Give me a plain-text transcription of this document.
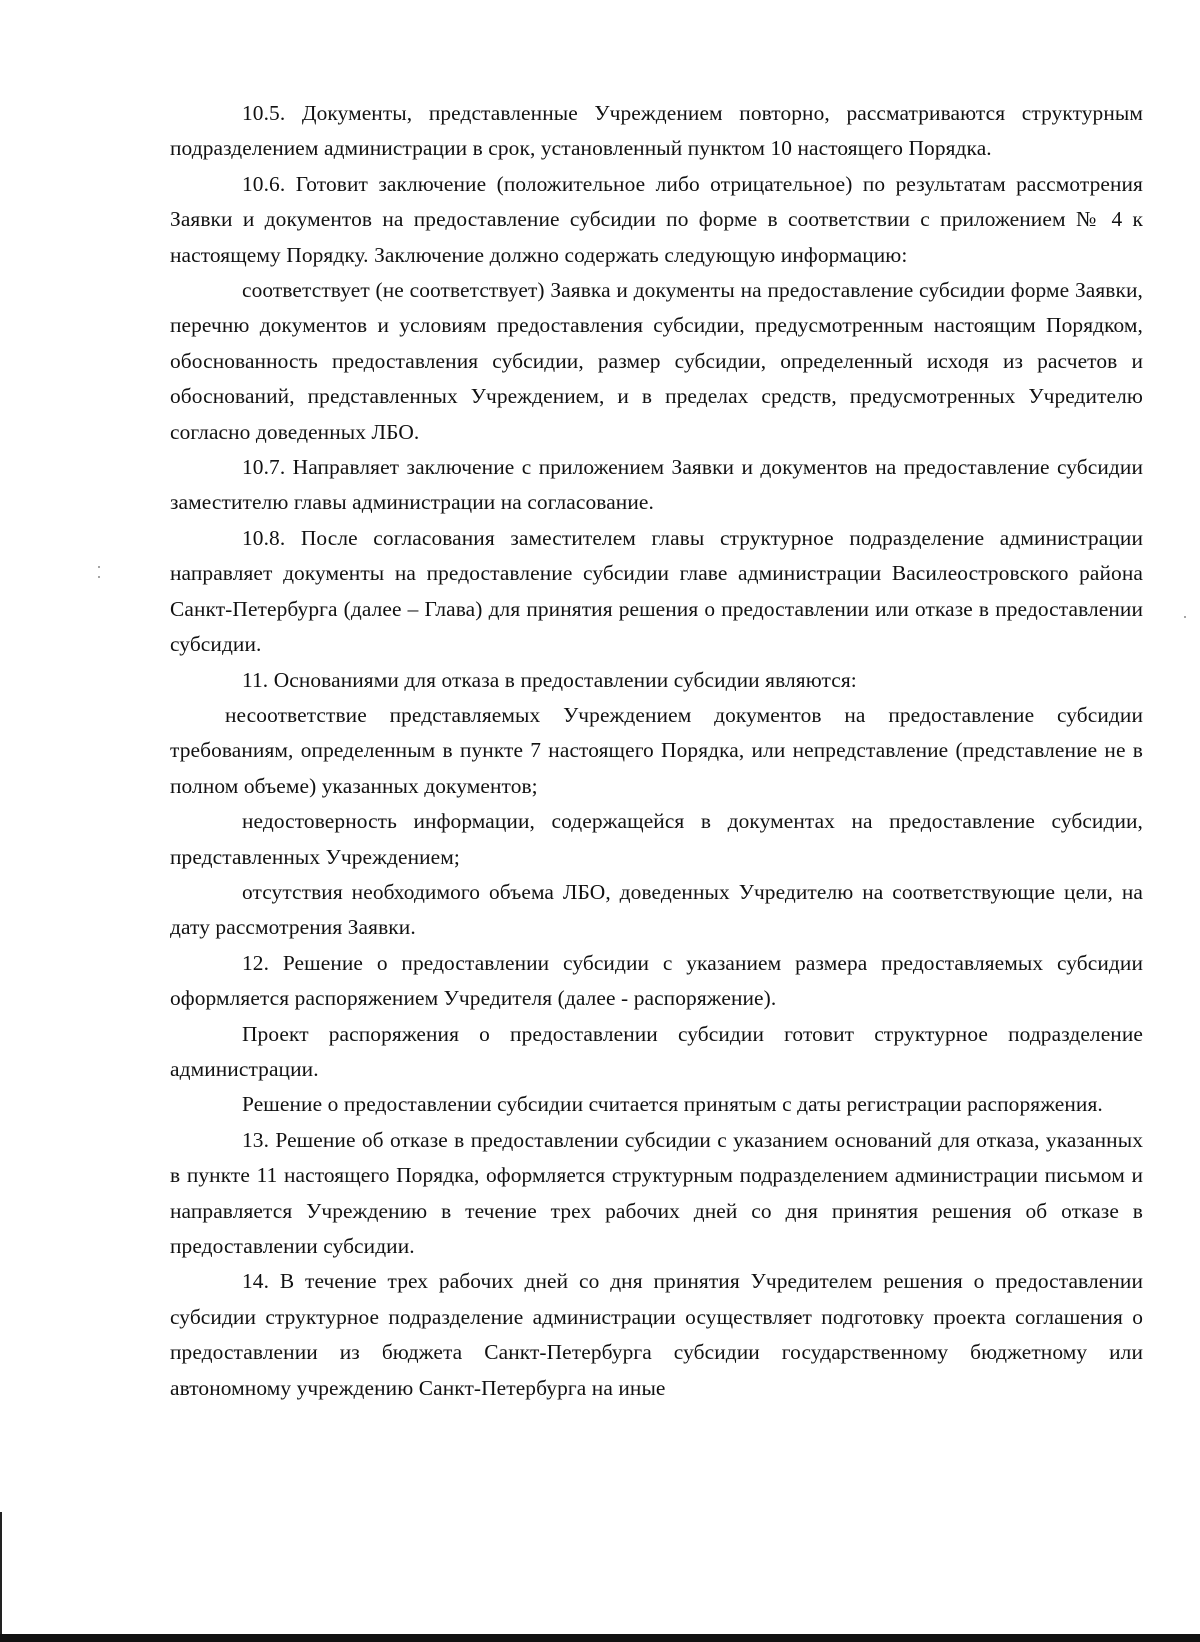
10.5. Документы, представленные Учреждением повторно, рассматриваются структурным подразделением администрации в срок, установленный пунктом 10 настоящего Порядка.

10.6. Готовит заключение (положительное либо отрицательное) по результатам рассмотрения Заявки и документов на предоставление субсидии по форме в соответствии с приложением № 4 к настоящему Порядку. Заключение должно содержать следующую информацию:

соответствует (не соответствует) Заявка и документы на предоставление субсидии форме Заявки, перечню документов и условиям предоставления субсидии, предусмотренным настоящим Порядком, обоснованность предоставления субсидии, размер субсидии, определенный исходя из расчетов и обоснований, представленных Учреждением, и в пределах средств, предусмотренных Учредителю согласно доведенных ЛБО.

10.7. Направляет заключение с приложением Заявки и документов на предоставление субсидии заместителю главы администрации на согласование.

10.8. После согласования заместителем главы структурное подразделение администрации направляет документы на предоставление субсидии главе администрации Василеостровского района Санкт-Петербурга (далее – Глава) для принятия решения о предоставлении или отказе в предоставлении субсидии.

11. Основаниями для отказа в предоставлении субсидии являются:

несоответствие представляемых Учреждением документов на предоставление субсидии требованиям, определенным в пункте 7 настоящего Порядка, или непредставление (представление не в полном объеме) указанных документов;

недостоверность информации, содержащейся в документах на предоставление субсидии, представленных Учреждением;

отсутствия необходимого объема ЛБО, доведенных Учредителю на соответствующие цели, на дату рассмотрения Заявки.

12. Решение о предоставлении субсидии с указанием размера предоставляемых субсидии оформляется распоряжением Учредителя (далее - распоряжение).

Проект распоряжения о предоставлении субсидии готовит структурное подразделение администрации.

Решение о предоставлении субсидии считается принятым с даты регистрации распоряжения.

13. Решение об отказе в предоставлении субсидии с указанием оснований для отказа, указанных в пункте 11 настоящего Порядка, оформляется структурным подразделением администрации письмом и направляется Учреждению в течение трех рабочих дней со дня принятия решения об отказе в предоставлении субсидии.

14. В течение трех рабочих дней со дня принятия Учредителем решения о предоставлении субсидии структурное подразделение администрации осуществляет подготовку проекта соглашения о предоставлении из бюджета Санкт-Петербурга субсидии государственному бюджетному или автономному учреждению Санкт-Петербурга на иные
